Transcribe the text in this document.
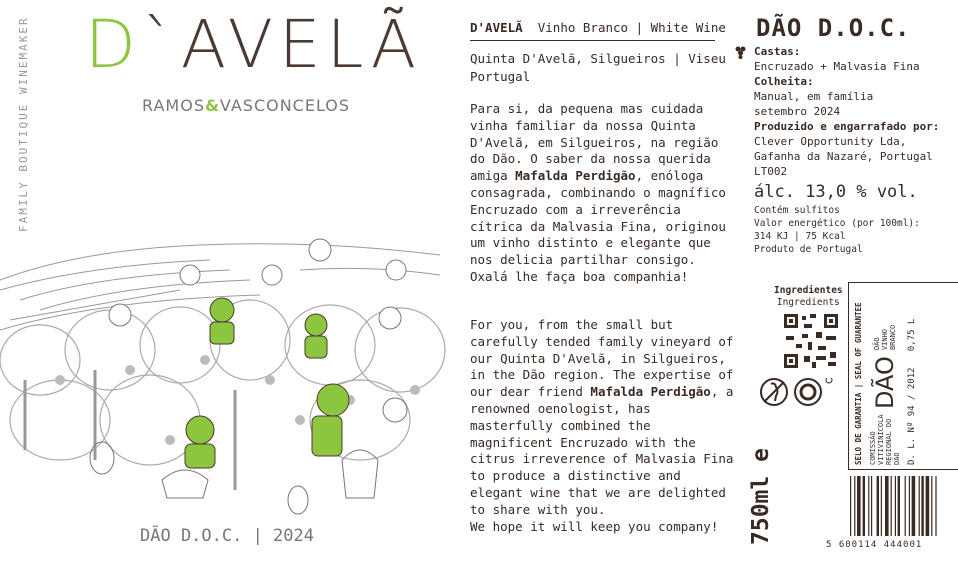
D`AVELÃ
RAMOS&VASCONCELOS
FAMILY BOUTIQUE WINEMAKER
DÃO D.O.C. | 2024
D'AVELÃ Vinho Branco | White Wine
Quinta D'Avelã, Silgueiros | Viseu Portugal
Para si, da pequena mas cuidada vinha familiar da nossa Quinta D'Avelã, em Silgueiros, na região do Dão. O saber da nossa querida amiga Mafalda Perdigão, enóloga consagrada, combinando o magnífico Encruzado com a irreverência cítrica da Malvasia Fina, originou um vinho distinto e elegante que nos delicia partilhar consigo.
Oxalá lhe faça boa companhia!
For you, from the small but carefully tended family vineyard of our Quinta D'Avelã, in Silgueiros, in the Dão region. The expertise of our dear friend Mafalda Perdigão, a renowned oenologist, has masterfully combined the magnificent Encruzado with the citrus irreverence of Malvasia Fina to produce a distinctive and elegant wine that we are delighted to share with you.
We hope it will keep you company!
DÃO D.O.C.
Castas:
Encruzado + Malvasia Fina
Colheita:
Manual, em família
setembro 2024
Produzido e engarrafado por:
Clever Opportunity Lda,
Gafanha da Nazaré, Portugal
LT002
álc. 13,0 % vol.
Contém sulfitos
Valor energético (por 100ml):
314 KJ | 75 Kcal
Produto de Portugal
Ingredientes
Ingredients	SELO DE GARANTIA | SEAL OF GUARANTEE COMISSÃO VITIVINÍCOLA REGIONAL DO DÃO
DÃO
DÃO VINHO BRANCO
D. L. Nº 94 / 2012   0,75 L
750ml e	5 600114 444001
